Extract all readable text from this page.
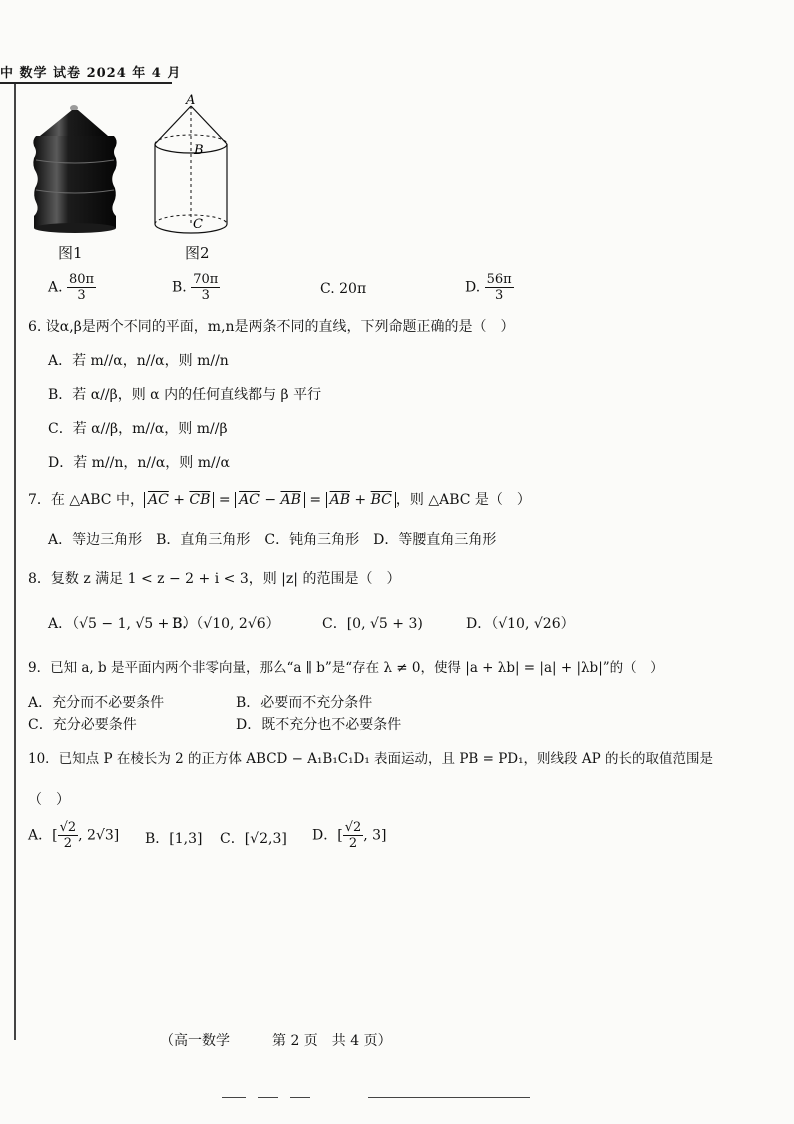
中 数学 试卷 2024 年 4 月
图1
A
B
C
图2
A. $\frac{80\pi}{3}$	B. $\frac{70\pi}{3}$	C. 20π	D. $\frac{56\pi}{3}$
6. 设α,β是两个不同的平面，m,n是两条不同的直线，下列命题正确的是（　）
A．若 m//α，n//α，则 m//n
B．若 α//β，则 α 内的任何直线都与 β 平行
C．若 α//β，m//α，则 m//β
D．若 m//n，n//α，则 m//α
7．在 △ABC 中， $\overline{AC} + \overline{CB} = \overline{AC} - \overline{AB} = \overline{AB} + \overline{BC}$ ，则 △ABC 是（　）
A．等边三角形　B．直角三角形　C．钝角三角形　D．等腰直角三角形
8．复数 z 满足 1 < z − 2 + i < 3，则 |z| 的范围是（　）
A．（√5 − 1, √5 + 3）
B．（√10, 2√6）	C．[0, √5 + 3)	D．（√10, √26）
9．已知 a, b 是平面内两个非零向量，那么“a ∥ b”是“存在 λ ≠ 0，使得 |a + λb| = |a| + |λb|”的（　）
A．充分而不必要条件	B．必要而不充分条件
C．充分必要条件	D．既不充分也不必要条件
10．已知点 P 在棱长为 2 的正方体 ABCD − A₁B₁C₁D₁ 表面运动，且 PB = PD₁，则线段 AP 的长的取值范围是
（　）
A．[ $\frac{√2}{2}$ , 2√3] B．[1,3] C．[√2,3] D．[ $\frac{√2}{2}$ , 3]
（高一数学　　　第 2 页　共 4 页）
